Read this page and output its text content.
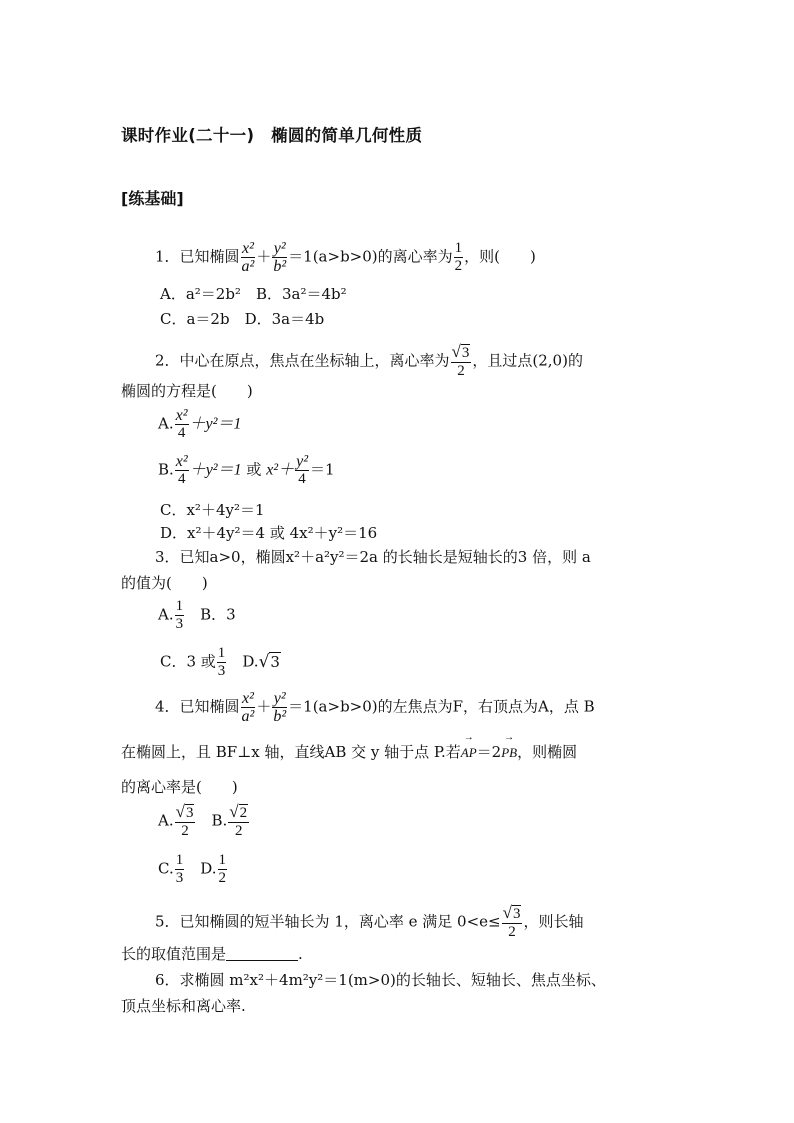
课时作业(二十一)　椭圆的简单几何性质
[练基础]
1．已知椭圆 $\frac{\text{x²}}{\text{a²}} + \frac{\text{y²}}{\text{b²}} =1(a>b>0)$的离心率为 $\frac{1}{2}$ ，则(　　)
A．a²＝2b²　 B．3a²＝4b²
C．a＝2b　 D．3a＝4b
2．中心在原点，焦点在坐标轴上，离心率为 $\frac{√3}{2}$ ，且过点(2,0)的
椭圆的方程是(　　)
A. $\frac{\text{x²}}{4} +y^2=1$
B. $\frac{\text{x²}}{4} +y^2=1$ 或 $x^2+ \frac{\text{y²}}{4} =1$
C．x²＋4y²＝1
D．x²＋4y²＝4 或 4x²＋y²＝16
3．已知a>0，椭圆x²＋a²y²＝2a 的长轴长是短轴长的3 倍，则 a
的值为(　　)
A. $\frac{1}{3}$
　 B．3
C．3 或 $\frac{1}{3}$
　 D.√3
4．已知椭圆 $\frac{\text{x²}}{\text{a²}} + \frac{\text{y²}}{\text{b²}} =1(a>b>0)$的左焦点为F，右顶点为A，点 B
在椭圆上，且 BF⊥x 轴，直线AB 交 y 轴于点 P.若
→
AP＝2
→
PB，则椭圆
的离心率是(　　)
A. $\frac{√3}{2}$
　 B. $\frac{√2}{2}$
C. $\frac{1}{3}$
　 D. $\frac{1}{2}$
5．已知椭圆的短半轴长为 1，离心率 e 满足 $0<e\le \frac{√3}{2}$ ，则长轴
长的取值范围是	.
6．求椭圆 m²x²＋4m²y²＝1(m>0)的长轴长、短轴长、焦点坐标、
顶点坐标和离心率.
